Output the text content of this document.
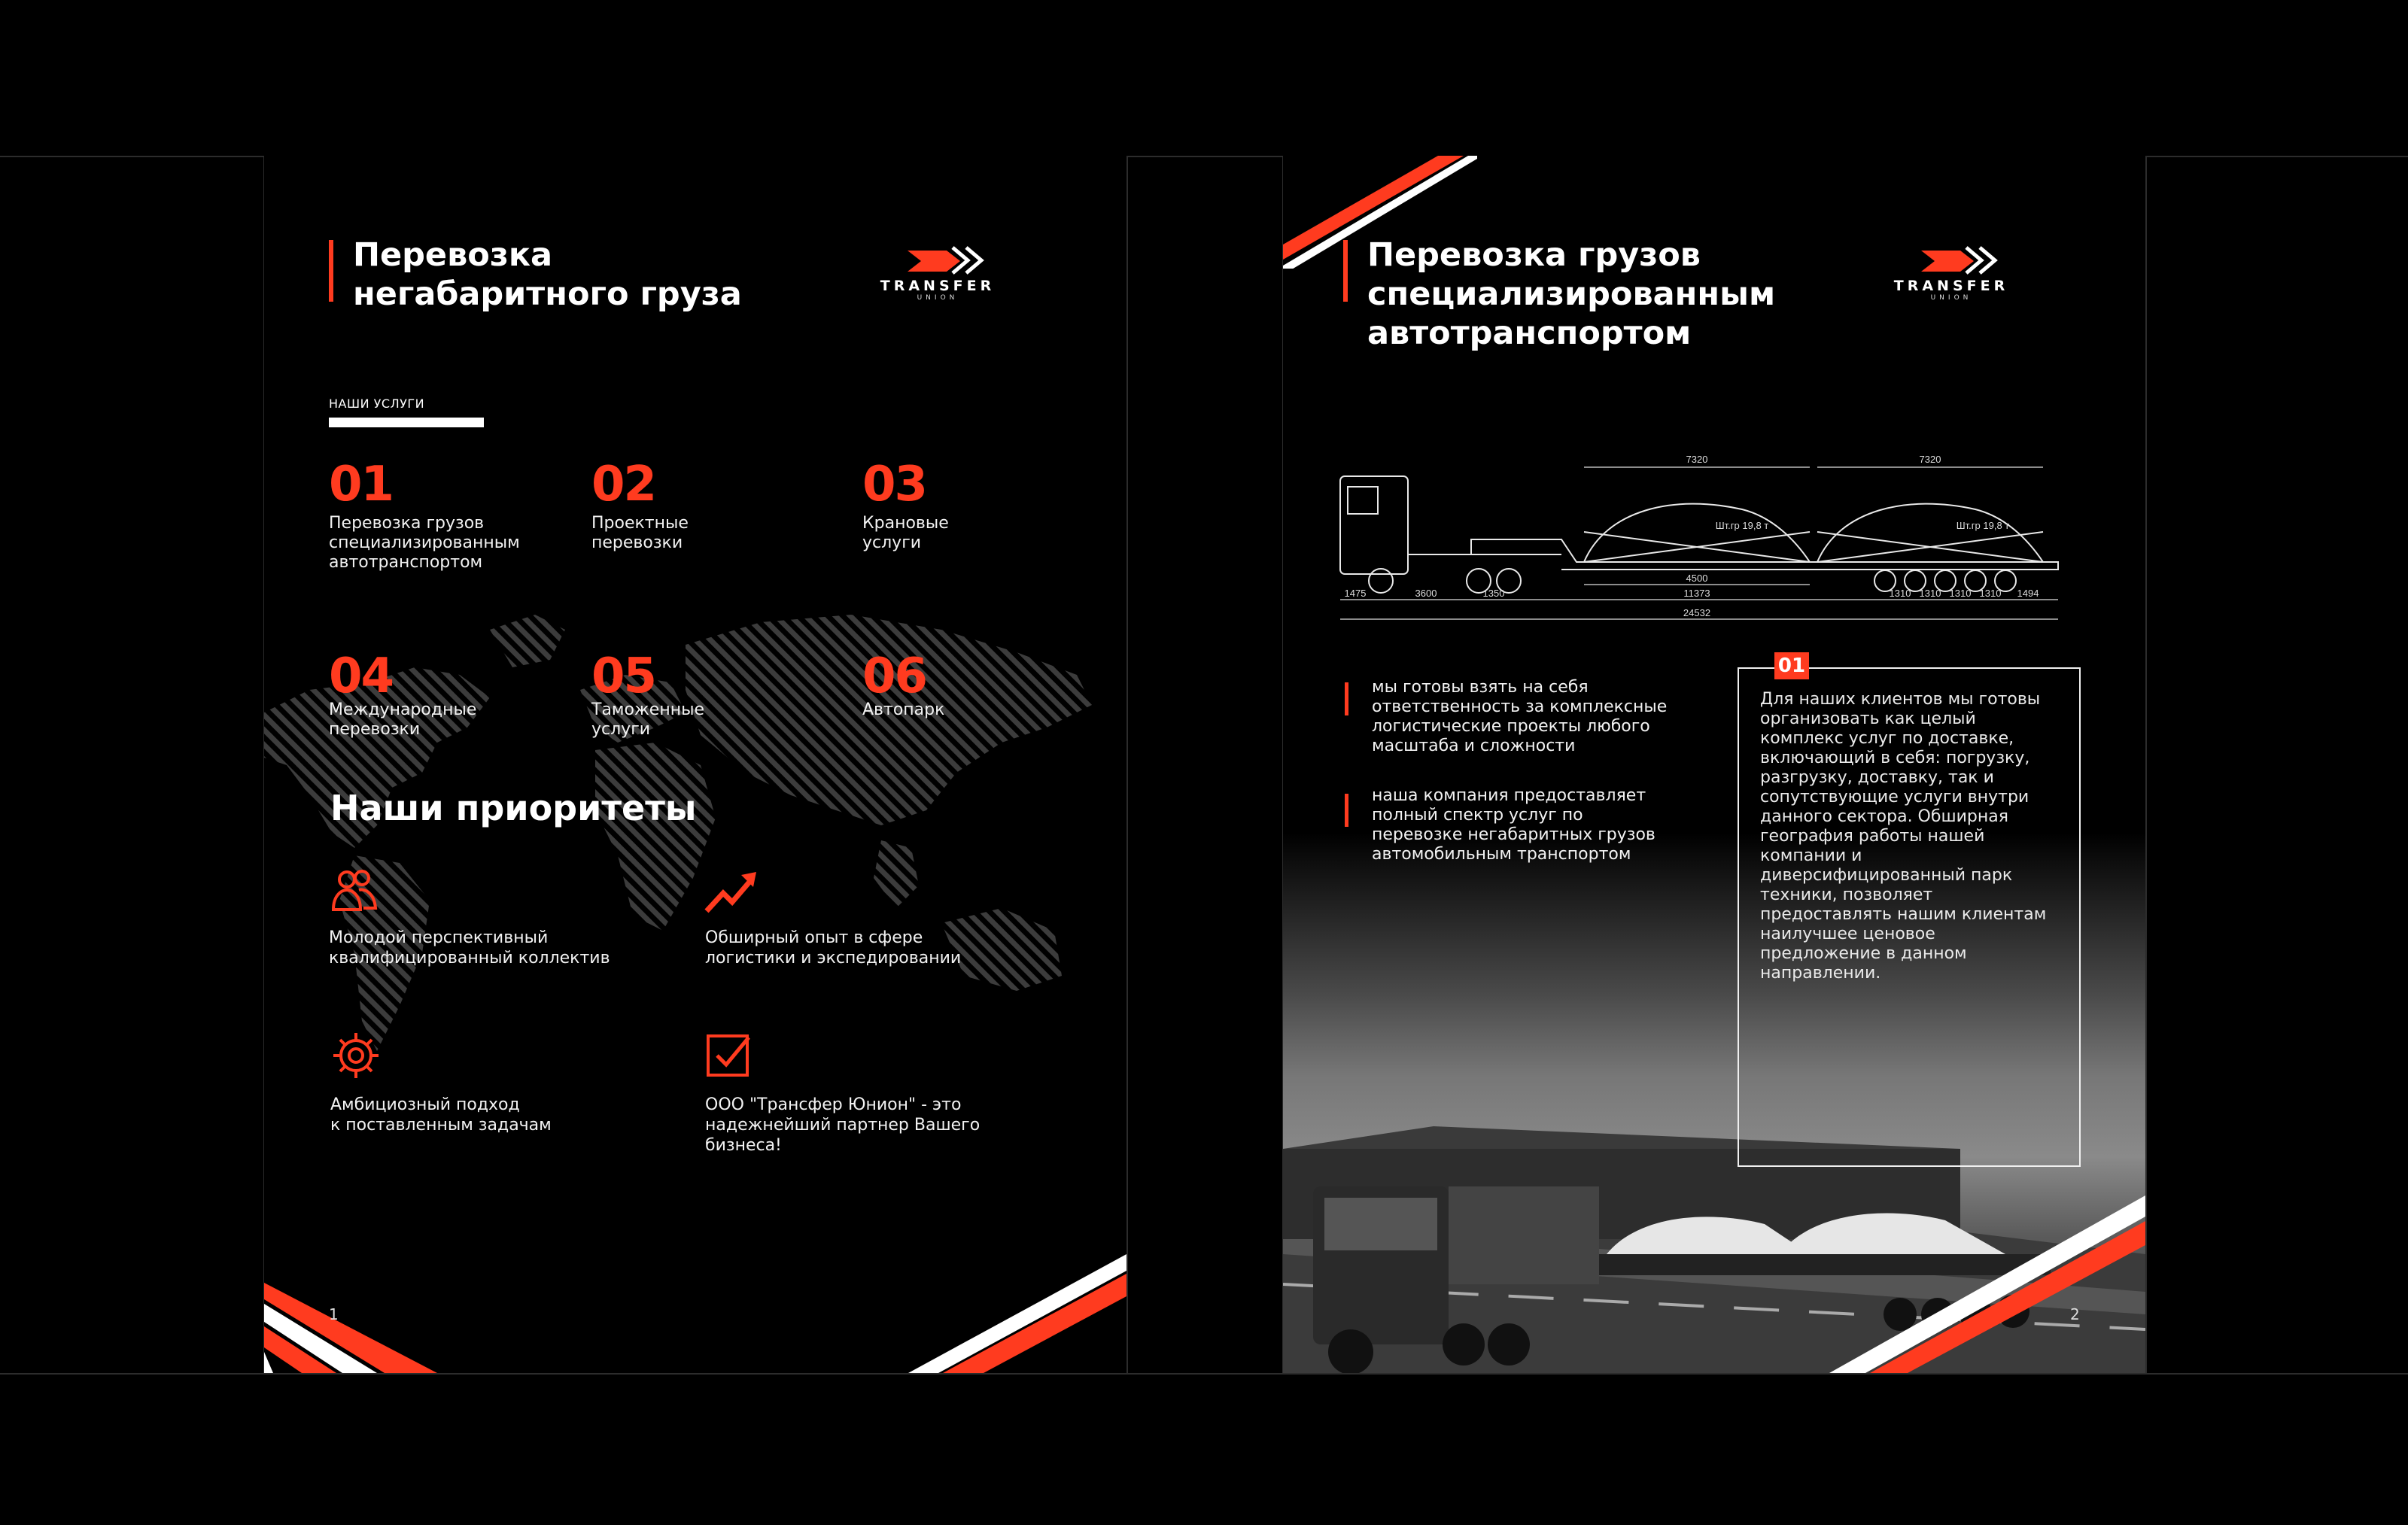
Перевозка
негабаритного груза	TRANSFER
UNION
НАШИ УСЛУГИ
01
Перевозка грузов
специализированным
автотранспортом
02
Проектные
перевозки
03
Крановые
услуги
04
Международные
перевозки
05
Таможенные
услуги
06
Автопарк
Наши приоритеты
Молодой перспективный
квалифицированный коллектив
Обширный опыт в сфере
логистики и экспедировании
Амбициозный подход
к поставленным задачам
ООО "Трансфер Юнион" - это
надежнейший партнер Вашего
бизнеса!
1
Перевозка грузов
специализированным
автотранспортом
TRANSFER
UNION
7320	7320
Шт.гр 19,8 т	Шт.гр 19,8 т
1475	3600	1350
4500
11373	1310 1310 1310 1310 1494
24532
мы готовы взять на себя
ответственность за комплексные
логистические проекты любого
масштаба и сложности
наша компания предоставляет
полный спектр услуг по
перевозке негабаритных грузов
автомобильным транспортом
01
Для наших клиентов мы готовы
организовать как целый
комплекс услуг по доставке,
включающий в себя: погрузку,
разгрузку, доставку, так и
сопутствующие услуги внутри
данного сектора. Обширная
география работы нашей
компании и
диверсифицированный парк
техники, позволяет
предоставлять нашим клиентам
наилучшее ценовое
предложение в данном
направлении.
2
